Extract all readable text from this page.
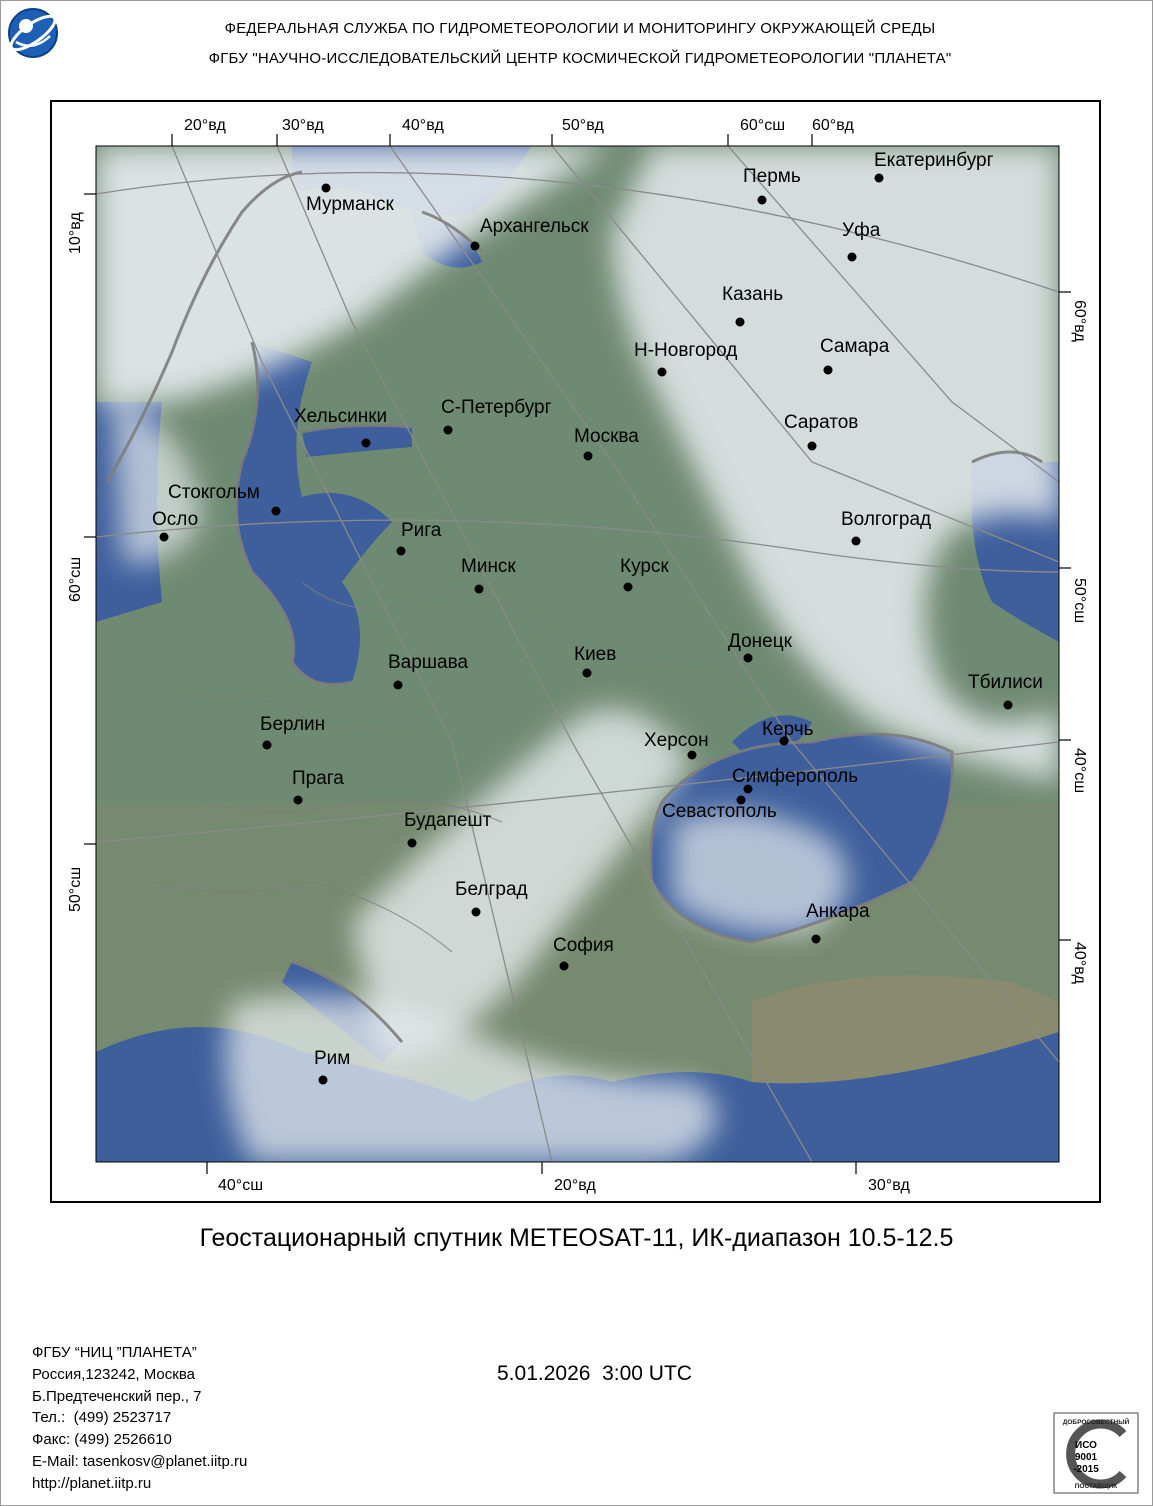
ФЕДЕРАЛЬНАЯ СЛУЖБА ПО ГИДРОМЕТЕОРОЛОГИИ И МОНИТОРИНГУ ОКРУЖАЮЩЕЙ СРЕДЫ
ФГБУ "НАУЧНО-ИССЛЕДОВАТЕЛЬСКИЙ ЦЕНТР КОСМИЧЕСКОЙ ГИДРОМЕТЕОРОЛОГИИ "ПЛАНЕТА"
20°вд	30°вд	40°вд	50°вд	60°сш 60°вд
40°сш	20°вд	30°вд
10°вд
60°сш
50°сш
60°вд
50°сш
40°сш
40°вд
Мурманск
Архангельск
Пермь
Екатеринбург
Уфа
Казань
Н-Новгород	Самара
Хельсинки	С-Петербург
Москва
Саратов
Стокгольм
Осло
Рига
Волгоград
Минск	Курск
Донецк
Варшава	Киев
Тбилиси
Берлин
Херсон
Керчь
Прага	Симферополь
Севастополь
Будапешт
Белград
Анкара
София
Рим
Геостационарный спутник METEOSAT-11, ИК-диапазон 10.5-12.5
5.01.2026  3:00 UTC
ФГБУ “НИЦ ”ПЛАНЕТА”
Россия,123242, Москва
Б.Предтеченский пер., 7
Тел.:  (499) 2523717
Факс: (499) 2526610
E-Mail: tasenkosv@planet.iitp.ru
http://planet.iitp.ru
ДОБРОСОВЕСТНЫЙ
ИСО
9001
-2015
ПОСТАВЩИК
